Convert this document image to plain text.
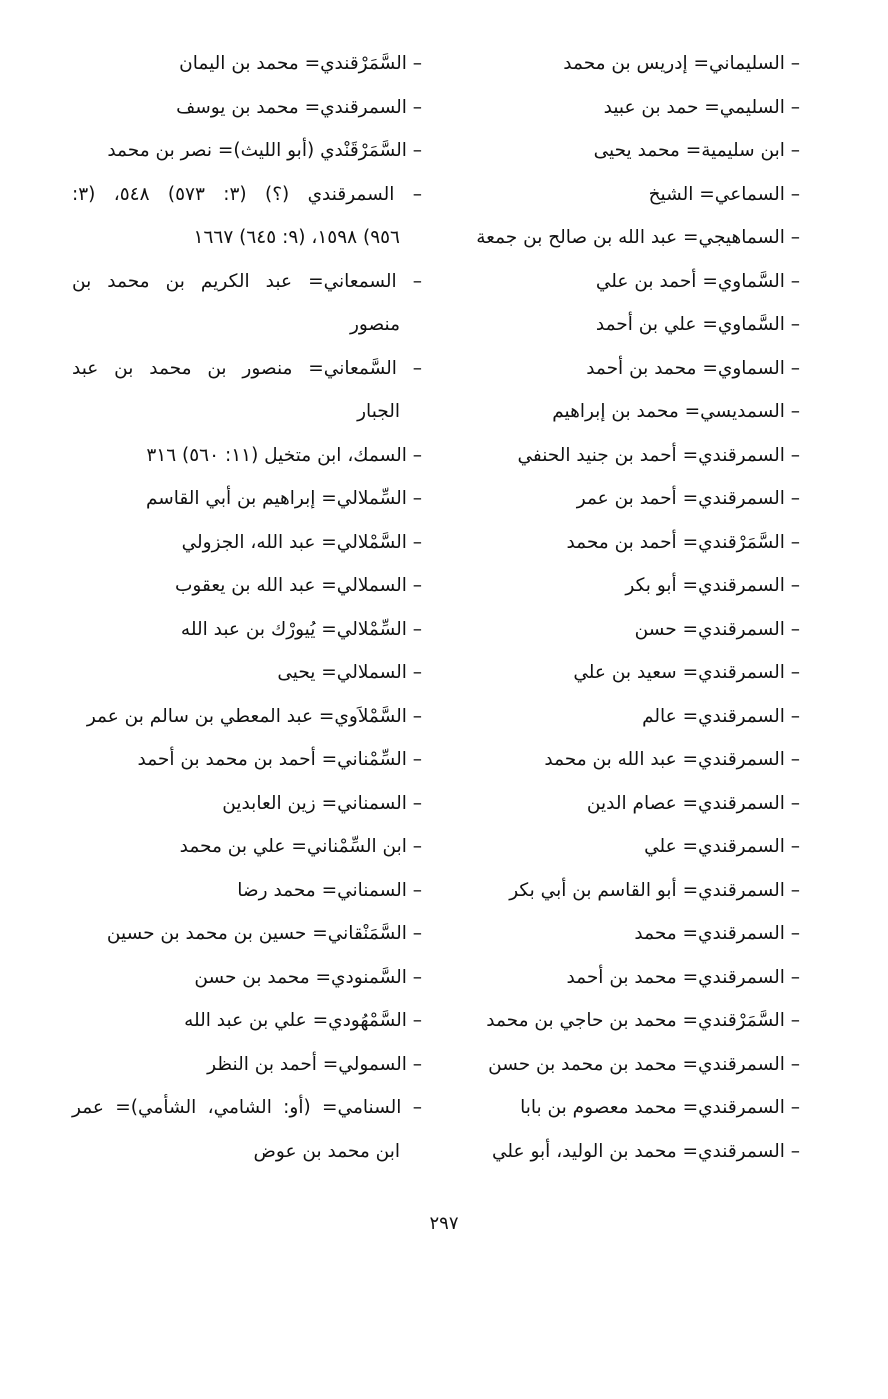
– السليماني= إدريس بن محمد
– السليمي= حمد بن عبيد
– ابن سليمية= محمد يحيى
– السماعي= الشيخ
– السماهيجي= عبد الله بن صالح بن جمعة
– السَّماوي= أحمد بن علي
– السَّماوي= علي بن أحمد
– السماوي= محمد بن أحمد
– السمديسي= محمد بن إبراهيم
– السمرقندي= أحمد بن جنيد الحنفي
– السمرقندي= أحمد بن عمر
– السَّمَرْقندي= أحمد بن محمد
– السمرقندي= أبو بكر
– السمرقندي= حسن
– السمرقندي= سعيد بن علي
– السمرقندي= عالم
– السمرقندي= عبد الله بن محمد
– السمرقندي= عصام الدين
– السمرقندي= علي
– السمرقندي= أبو القاسم بن أبي بكر
– السمرقندي= محمد
– السمرقندي= محمد بن أحمد
– السَّمَرْقندي= محمد بن حاجي بن محمد
– السمرقندي= محمد بن محمد بن حسن
– السمرقندي= محمد معصوم بن بابا
– السمرقندي= محمد بن الوليد، أبو علي
– السَّمَرْقندي= محمد بن اليمان
– السمرقندي= محمد بن يوسف
– السَّمَرْقَنْدي (أبو الليث)= نصر بن محمد
– السمرقندي (؟) (٣: ٥٧٣) ٥٤٨، (٣:
٩٥٦) ١٥٩٨، (٩: ٦٤٥) ١٦٦٧
– السمعاني= عبد الكريم بن محمد بن
منصور
– السَّمعاني= منصور بن محمد بن عبد
الجبار
– السمك، ابن متخيل (١١: ٥٦٠) ٣١٦
– السِّملالي= إبراهيم بن أبي القاسم
– السَّمْلالي= عبد الله، الجزولي
– السملالي= عبد الله بن يعقوب
– السِّمْلالي= يُيورْك بن عبد الله
– السملالي= يحيى
– السَّمْلاَوي= عبد المعطي بن سالم بن عمر
– السِّمْناني= أحمد بن محمد بن أحمد
– السمناني= زين العابدين
– ابن السِّمْناني= علي بن محمد
– السمناني= محمد رضا
– السَّمَنْقاني= حسين بن محمد بن حسين
– السَّمنودي= محمد بن حسن
– السَّمْهُودي= علي بن عبد الله
– السمولي= أحمد بن النظر
– السنامي= (أو: الشامي، الشأمي)= عمر
ابن محمد بن عوض
٢٩٧
